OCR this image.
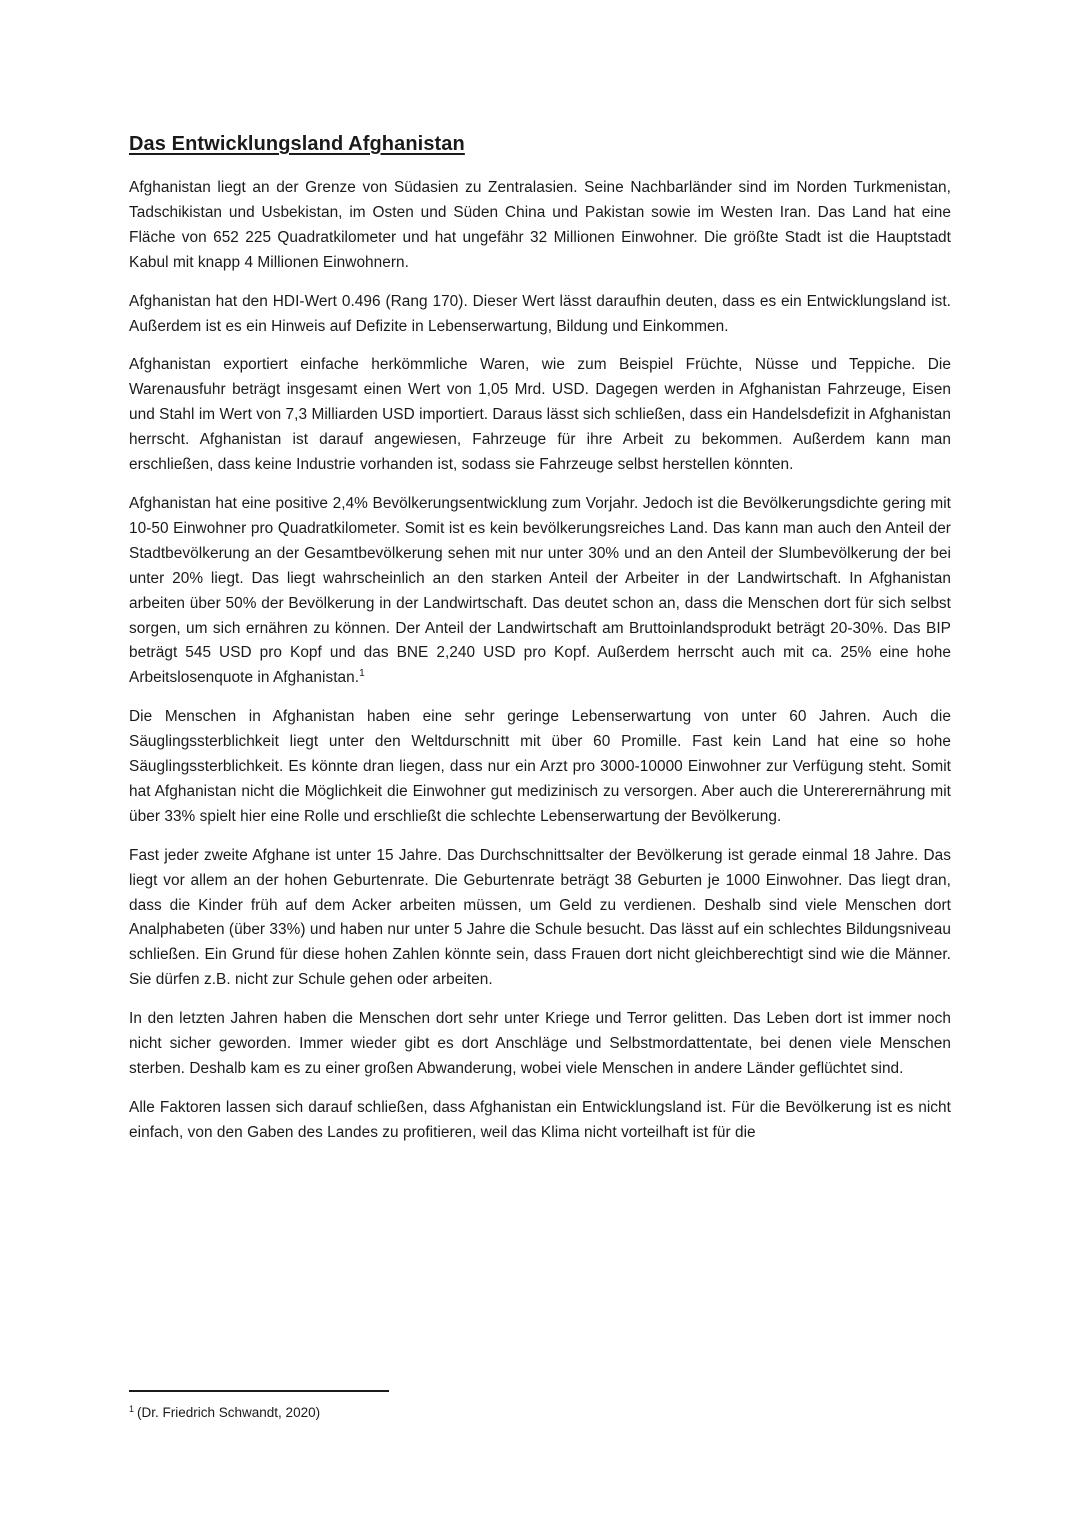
Das Entwicklungsland Afghanistan

Afghanistan liegt an der Grenze von Südasien zu Zentralasien. Seine Nachbarländer sind im Norden Turkmenistan, Tadschikistan und Usbekistan, im Osten und Süden China und Pakistan sowie im Westen Iran. Das Land hat eine Fläche von 652 225 Quadratkilometer und hat ungefähr 32 Millionen Einwohner. Die größte Stadt ist die Hauptstadt Kabul mit knapp 4 Millionen Einwohnern.

Afghanistan hat den HDI-Wert 0.496 (Rang 170). Dieser Wert lässt daraufhin deuten, dass es ein Entwicklungsland ist. Außerdem ist es ein Hinweis auf Defizite in Lebenserwartung, Bildung und Einkommen.

Afghanistan exportiert einfache herkömmliche Waren, wie zum Beispiel Früchte, Nüsse und Teppiche. Die Warenausfuhr beträgt insgesamt einen Wert von 1,05 Mrd. USD. Dagegen werden in Afghanistan Fahrzeuge, Eisen und Stahl im Wert von 7,3 Milliarden USD importiert. Daraus lässt sich schließen, dass ein Handelsdefizit in Afghanistan herrscht. Afghanistan ist darauf angewiesen, Fahrzeuge für ihre Arbeit zu bekommen. Außerdem kann man erschließen, dass keine Industrie vorhanden ist, sodass sie Fahrzeuge selbst herstellen könnten.

Afghanistan hat eine positive 2,4% Bevölkerungsentwicklung zum Vorjahr. Jedoch ist die Bevölkerungsdichte gering mit 10-50 Einwohner pro Quadratkilometer. Somit ist es kein bevölkerungsreiches Land. Das kann man auch den Anteil der Stadtbevölkerung an der Gesamtbevölkerung sehen mit nur unter 30% und an den Anteil der Slumbevölkerung der bei unter 20% liegt. Das liegt wahrscheinlich an den starken Anteil der Arbeiter in der Landwirtschaft. In Afghanistan arbeiten über 50% der Bevölkerung in der Landwirtschaft. Das deutet schon an, dass die Menschen dort für sich selbst sorgen, um sich ernähren zu können. Der Anteil der Landwirtschaft am Bruttoinlandsprodukt beträgt 20-30%. Das BIP beträgt 545 USD pro Kopf und das BNE 2,240 USD pro Kopf. Außerdem herrscht auch mit ca. 25% eine hohe Arbeitslosenquote in Afghanistan.$^1$

Die Menschen in Afghanistan haben eine sehr geringe Lebenserwartung von unter 60 Jahren. Auch die Säuglingssterblichkeit liegt unter den Weltdurschnitt mit über 60 Promille. Fast kein Land hat eine so hohe Säuglingssterblichkeit. Es könnte dran liegen, dass nur ein Arzt pro 3000-10000 Einwohner zur Verfügung steht. Somit hat Afghanistan nicht die Möglichkeit die Einwohner gut medizinisch zu versorgen. Aber auch die Untererernährung mit über 33% spielt hier eine Rolle und erschließt die schlechte Lebenserwartung der Bevölkerung.

Fast jeder zweite Afghane ist unter 15 Jahre. Das Durchschnittsalter der Bevölkerung ist gerade einmal 18 Jahre. Das liegt vor allem an der hohen Geburtenrate. Die Geburtenrate beträgt 38 Geburten je 1000 Einwohner. Das liegt dran, dass die Kinder früh auf dem Acker arbeiten müssen, um Geld zu verdienen. Deshalb sind viele Menschen dort Analphabeten (über 33%) und haben nur unter 5 Jahre die Schule besucht. Das lässt auf ein schlechtes Bildungsniveau schließen. Ein Grund für diese hohen Zahlen könnte sein, dass Frauen dort nicht gleichberechtigt sind wie die Männer. Sie dürfen z.B. nicht zur Schule gehen oder arbeiten.

In den letzten Jahren haben die Menschen dort sehr unter Kriege und Terror gelitten. Das Leben dort ist immer noch nicht sicher geworden. Immer wieder gibt es dort Anschläge und Selbstmordattentate, bei denen viele Menschen sterben. Deshalb kam es zu einer großen Abwanderung, wobei viele Menschen in andere Länder geflüchtet sind.

Alle Faktoren lassen sich darauf schließen, dass Afghanistan ein Entwicklungsland ist. Für die Bevölkerung ist es nicht einfach, von den Gaben des Landes zu profitieren, weil das Klima nicht vorteilhaft ist für die

$^1$ (Dr. Friedrich Schwandt, 2020)
